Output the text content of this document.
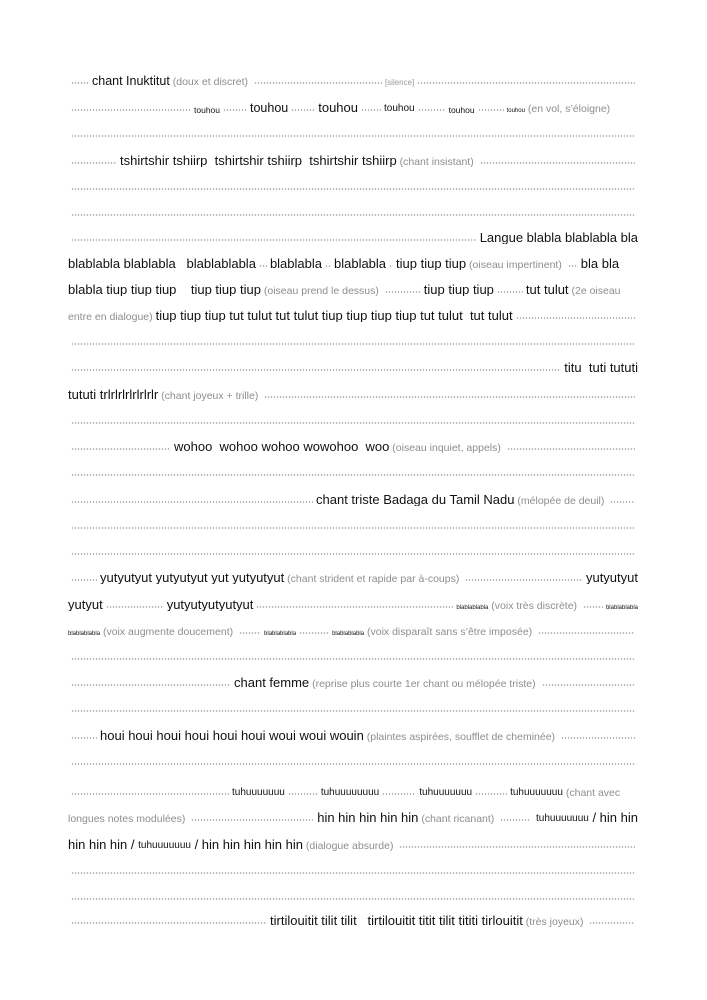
chant Inuktitut (doux et discret)	[silence]
touhou touhou touhou	touhou	touhou	touhou (en vol, s’éloigne)
tshirtshir tshiirp  tshirtshir tshiirp  tshirtshir tshiirp (chant insistant)
Langue blabla blablabla bla
blablabla blablabla   blablablabla blablabla blablabla tiup tiup tiup (oiseau impertinent) bla bla
blabla tiup tiup tiup    tiup tiup tiup (oiseau prend le dessus)	tiup tiup tiup tut tulut (2 e oiseau
entre en dialogue) tiup tiup tiup tut tulut tut tulut tiup tiup tiup tiup tut tulut  tut tulut
titu  tuti tututi
tututi trlrlrlrlrlrlrlr (chant joyeux + trille)
wohoo  wohoo wohoo wowohoo  woo (oiseau inquiet, appels)
chant triste Badaga du Tamil Nadu (mélopée de deuil)
yutyutyut yutyutyut yut yutyutyut (chant strident et rapide par à-coups)	yutyutyut
yutyut	yutyutyutyutyut	blablablabla (voix très discrète)	blablablabla
blablablabla (voix augmente doucement)	blablablabla	blablablabla (voix disparaît sans s’être imposée)
chant femme (reprise plus courte 1 er chant ou mélopée triste)
houi houi houi houi houi houi woui woui wouin (plaintes aspirées, soufflet de cheminée)
tuhuuuuuuu	tuhuuuuuuuu	tuhuuuuuuu	tuhuuuuuuu (chant avec
longues notes modulées)	hin hin hin hin hin (chant ricanant)	tuhuuuuuuu / hin hin
hin hin hin / tuhuuuuuuu / hin hin hin hin hin (dialogue absurde)
tirtilouitit tilit tilit   tirtilouitit titit tilit tititi tirlouitit (très joyeux)
